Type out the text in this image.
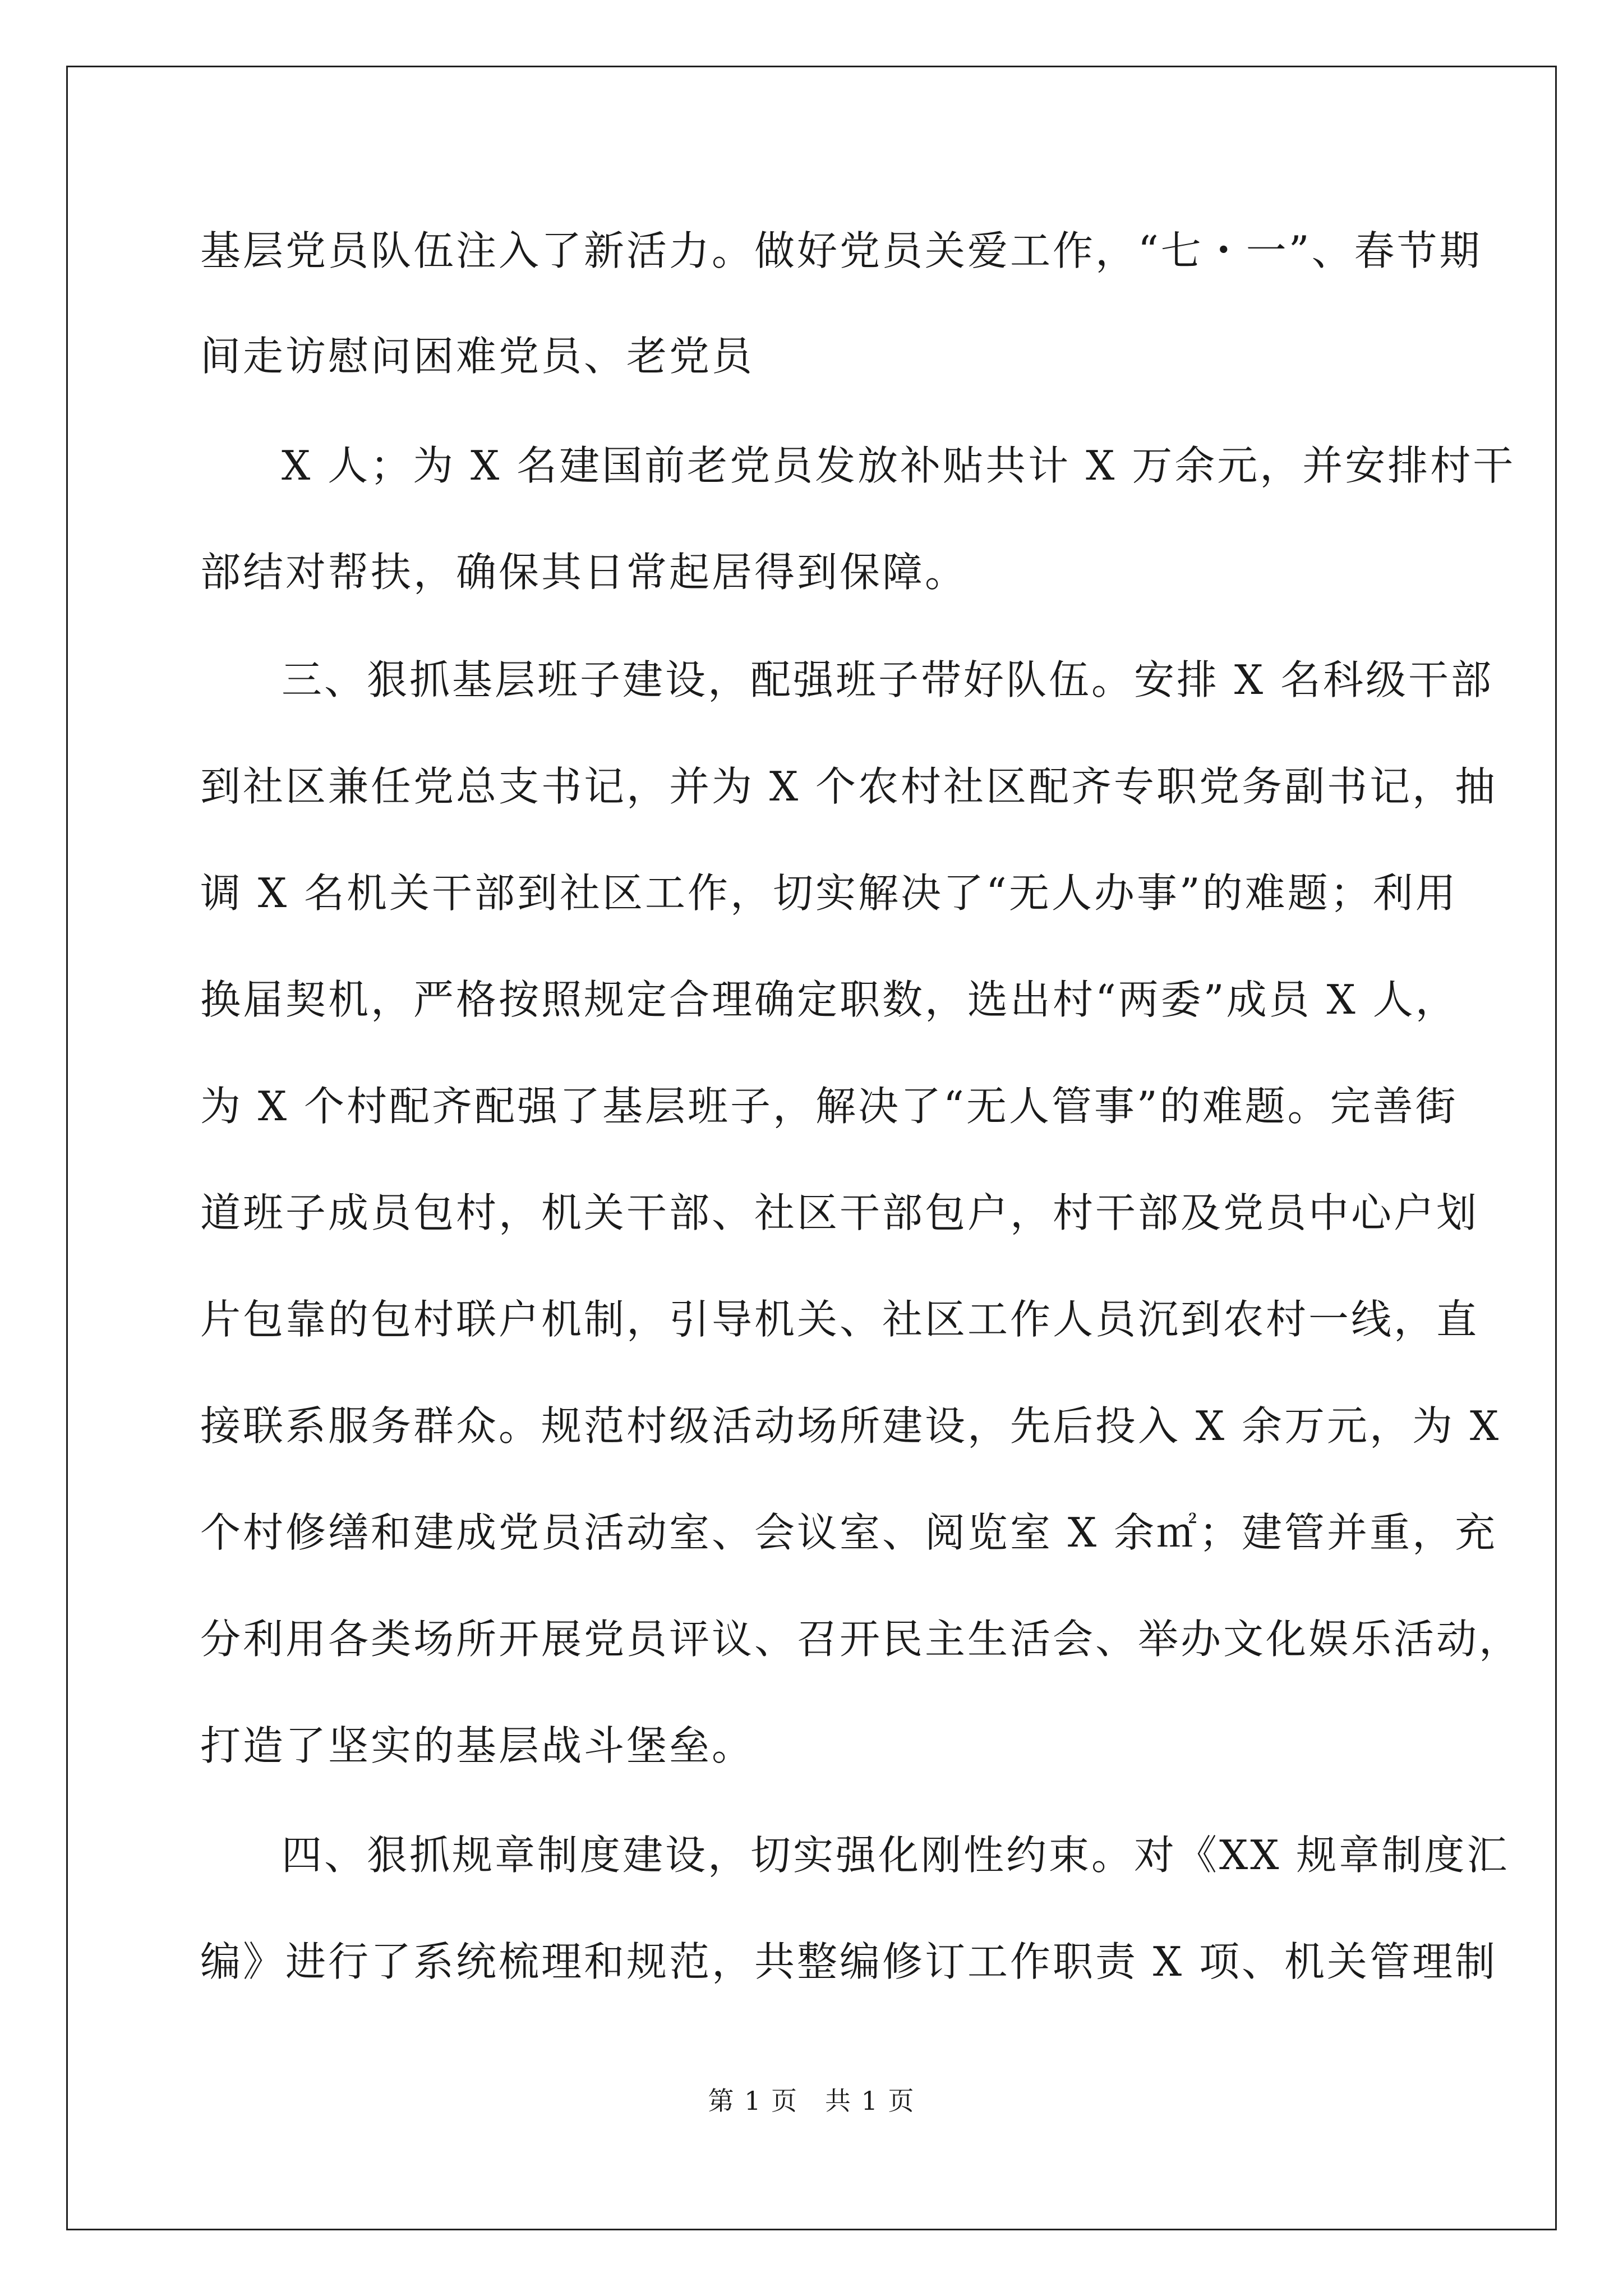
基层党员队伍注入了新活力。做好党员关爱工作，“七・一”、春节期
间走访慰问困难党员、老党员
X 人；为 X 名建国前老党员发放补贴共计 X 万余元，并安排村干
部结对帮扶，确保其日常起居得到保障。
三、狠抓基层班子建设，配强班子带好队伍。安排 X 名科级干部
到社区兼任党总支书记，并为 X 个农村社区配齐专职党务副书记，抽
调 X 名机关干部到社区工作，切实解决了“无人办事”的难题；利用
换届契机，严格按照规定合理确定职数，选出村“两委”成员 X 人，
为 X 个村配齐配强了基层班子，解决了“无人管事”的难题。完善街
道班子成员包村，机关干部、社区干部包户，村干部及党员中心户划
片包靠的包村联户机制，引导机关、社区工作人员沉到农村一线，直
接联系服务群众。规范村级活动场所建设，先后投入 X 余万元，为 X
个村修缮和建成党员活动室、会议室、阅览室 X 余㎡；建管并重，充
分利用各类场所开展党员评议、召开民主生活会、举办文化娱乐活动，
打造了坚实的基层战斗堡垒。
四、狠抓规章制度建设，切实强化刚性约束。对《XX 规章制度汇
编》进行了系统梳理和规范，共整编修订工作职责 X 项、机关管理制
第 1 页　共 1 页
